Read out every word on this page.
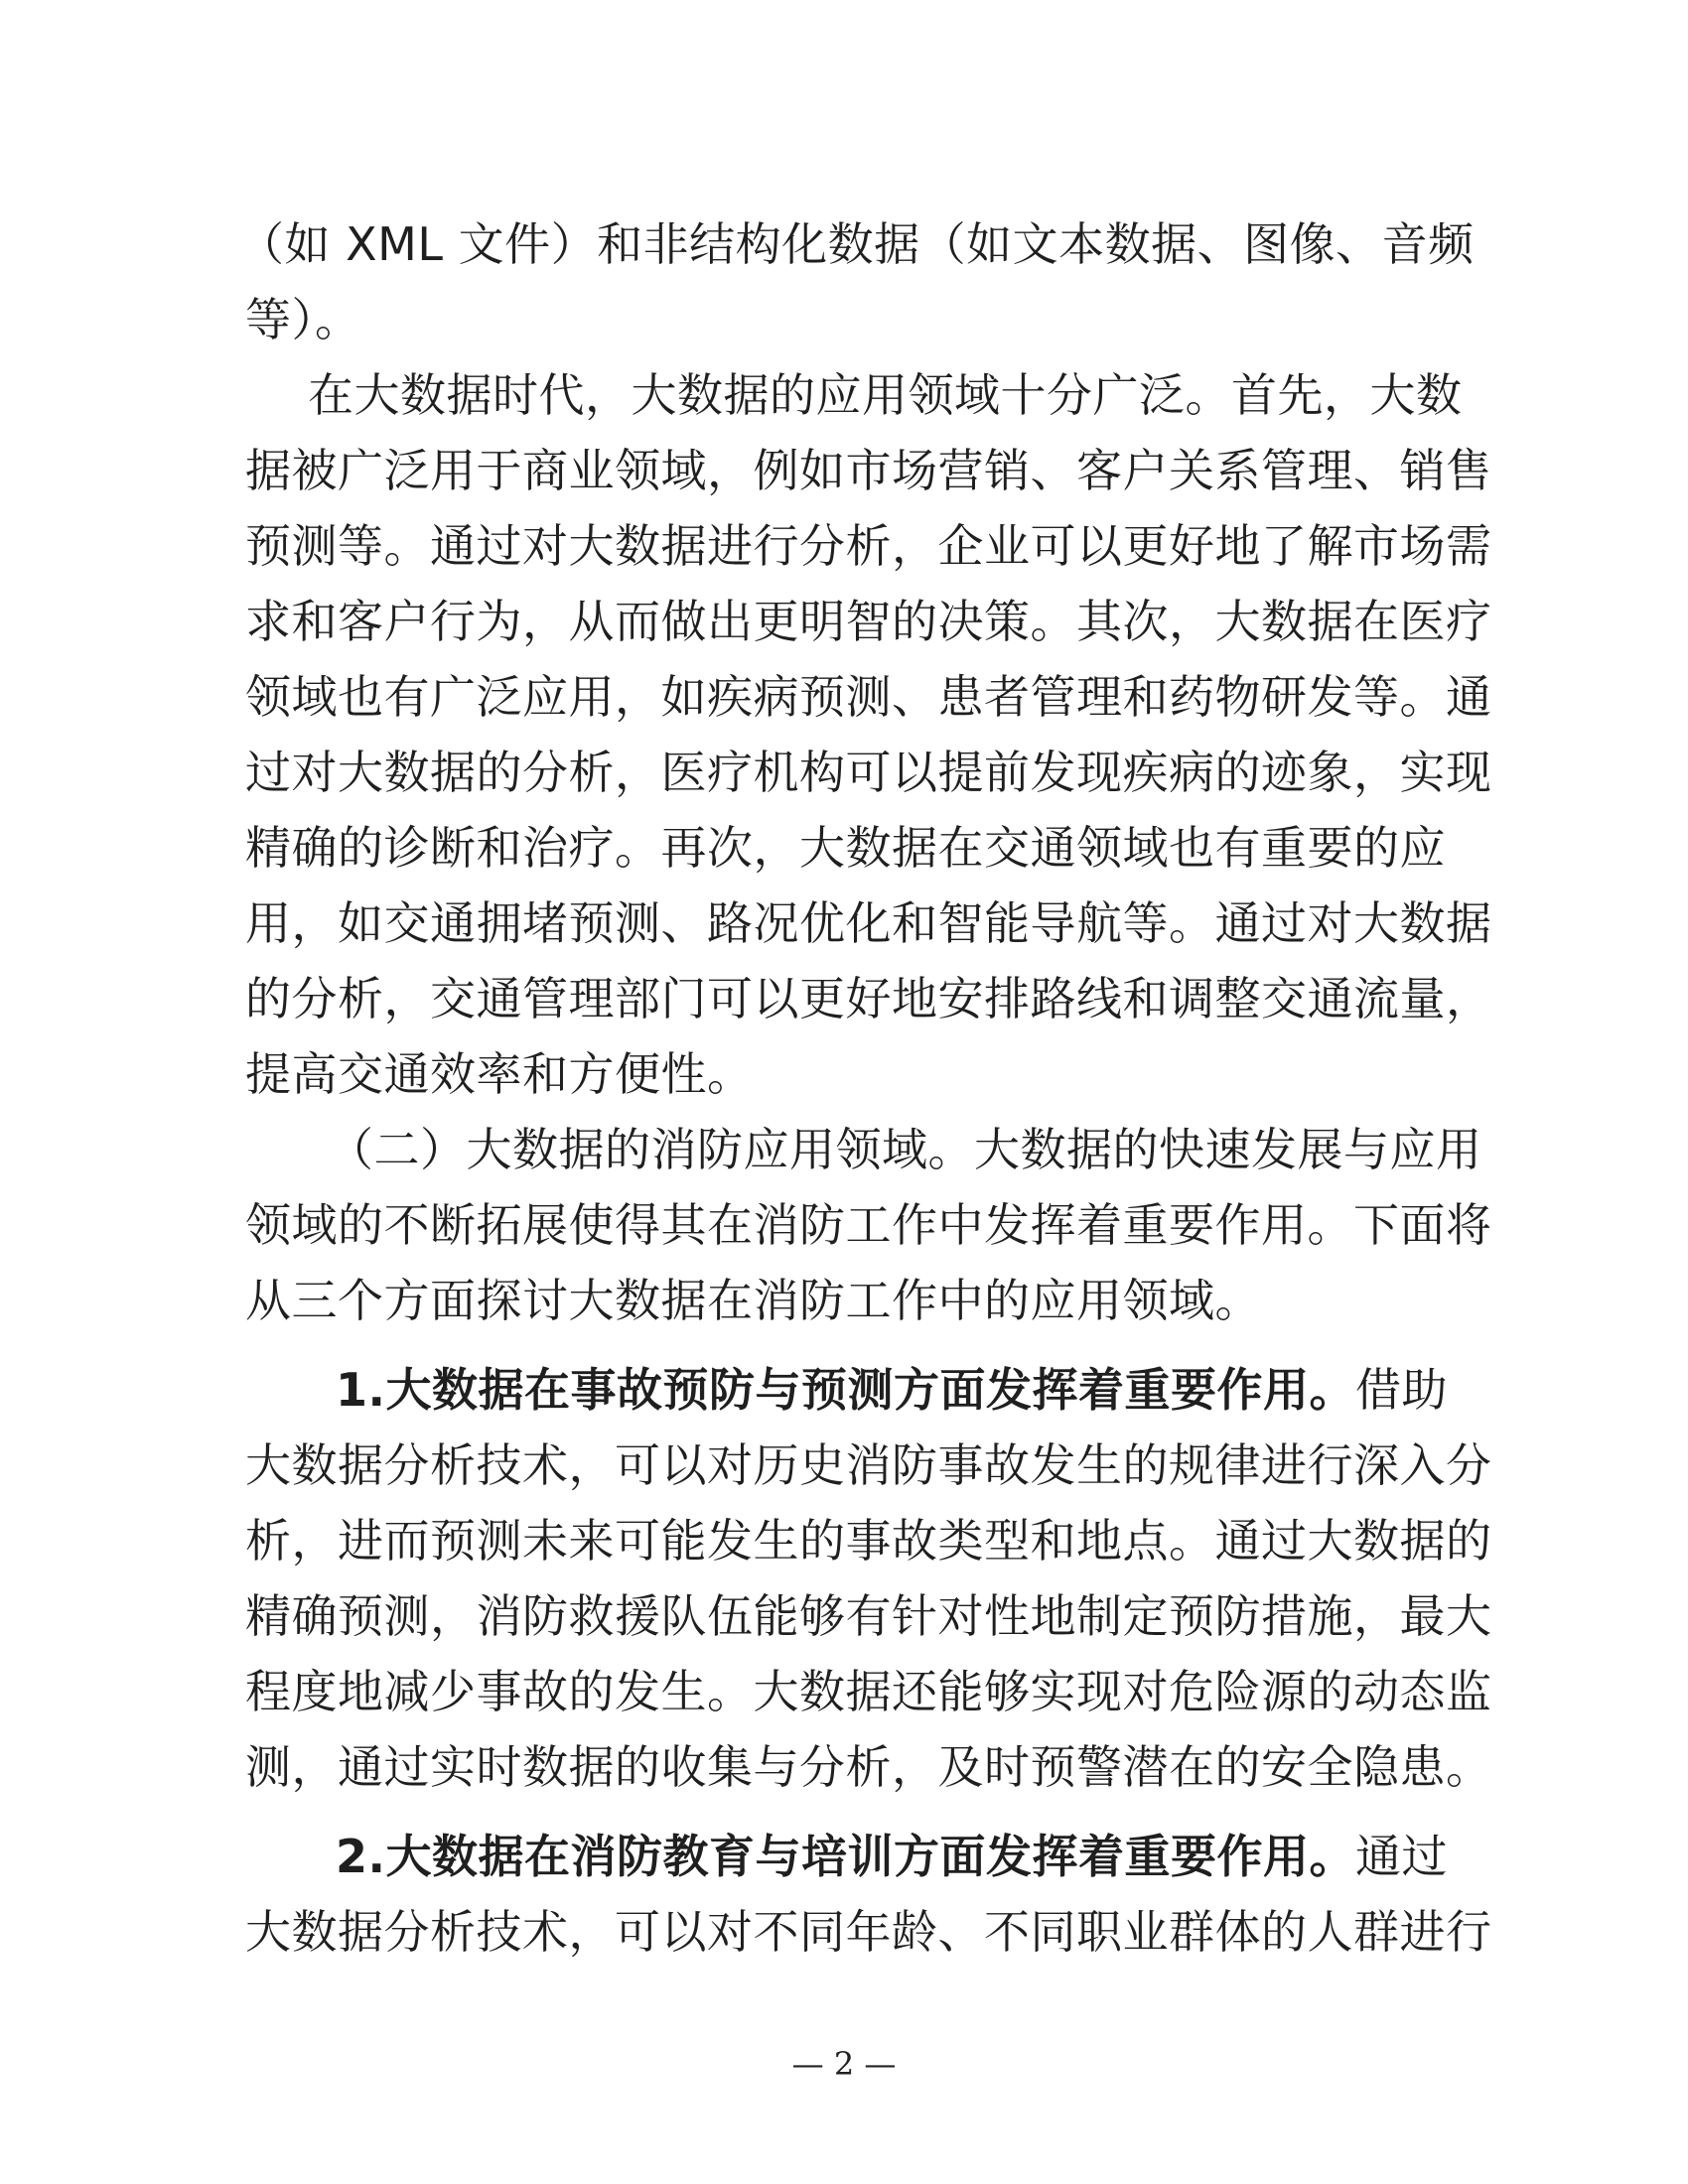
（如 XML 文件）和非结构化数据（如文本数据、图像、音频
等）。
在大数据时代，大数据的应用领域十分广泛。首先，大数
据被广泛用于商业领域，例如市场营销、客户关系管理、销售
预测等。通过对大数据进行分析，企业可以更好地了解市场需
求和客户行为，从而做出更明智的决策。其次，大数据在医疗
领域也有广泛应用，如疾病预测、患者管理和药物研发等。通
过对大数据的分析，医疗机构可以提前发现疾病的迹象，实现
精确的诊断和治疗。再次，大数据在交通领域也有重要的应
用，如交通拥堵预测、路况优化和智能导航等。通过对大数据
的分析，交通管理部门可以更好地安排路线和调整交通流量，
提高交通效率和方便性。
（二）大数据的消防应用领域。大数据的快速发展与应用
领域的不断拓展使得其在消防工作中发挥着重要作用。下面将
从三个方面探讨大数据在消防工作中的应用领域。
1.大数据在事故预防与预测方面发挥着重要作用。借助
大数据分析技术，可以对历史消防事故发生的规律进行深入分
析，进而预测未来可能发生的事故类型和地点。通过大数据的
精确预测，消防救援队伍能够有针对性地制定预防措施，最大
程度地减少事故的发生。大数据还能够实现对危险源的动态监
测，通过实时数据的收集与分析，及时预警潜在的安全隐患。
2.大数据在消防教育与培训方面发挥着重要作用。通过
大数据分析技术，可以对不同年龄、不同职业群体的人群进行
— 2 —
